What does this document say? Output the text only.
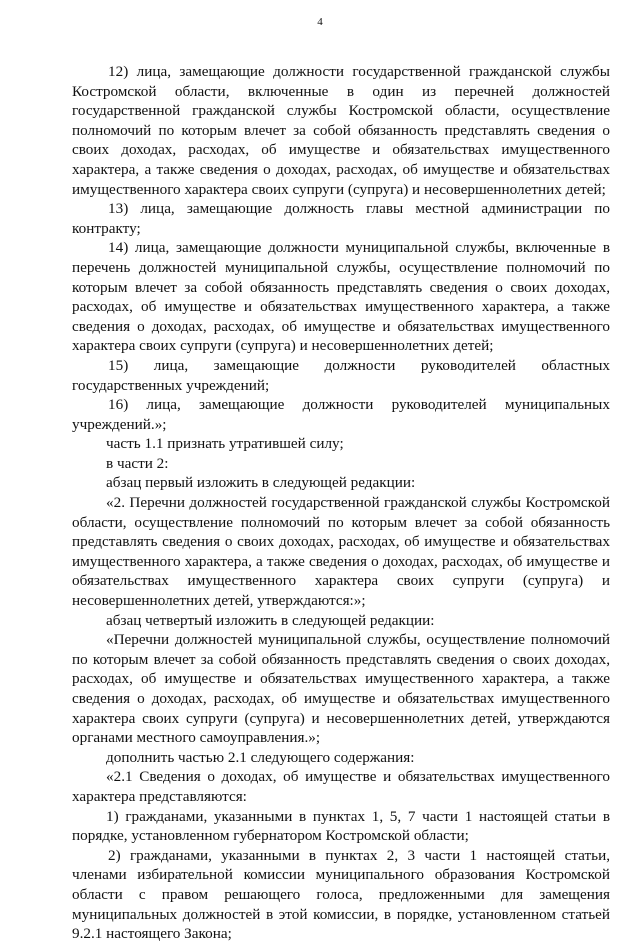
4

12) лица, замещающие должности государственной гражданской службы Костромской области, включенные в один из перечней должностей государственной гражданской службы Костромской области, осуществление полномочий по которым влечет за собой обязанность представлять сведения о своих доходах, расходах, об имуществе и обязательствах имущественного характера, а также сведения о доходах, расходах, об имуществе и обязательствах имущественного характера своих супруги (супруга) и несовершеннолетних детей;

13) лица, замещающие должность главы местной администрации по контракту;

14) лица, замещающие должности муниципальной службы, включенные в перечень должностей муниципальной службы, осуществление полномочий по которым влечет за собой обязанность представлять сведения о своих доходах, расходах, об имуществе и обязательствах имущественного характера, а также сведения о доходах, расходах, об имуществе и обязательствах имущественного характера своих супруги (супруга) и несовершеннолетних детей;

15) лица, замещающие должности руководителей областных государственных учреждений;

16) лица, замещающие должности руководителей муниципальных

учреждений.»;

часть 1.1 признать утратившей силу;

в части 2:

абзац первый изложить в следующей редакции:

«2. Перечни должностей государственной гражданской службы Костромской области, осуществление полномочий по которым влечет за собой обязанность представлять сведения о своих доходах, расходах, об имуществе и обязательствах имущественного характера, а также сведения о доходах, расходах, об имуществе и обязательствах имущественного характера своих супруги (супруга) и несовершеннолетних детей, утверждаются:»;

абзац четвертый изложить в следующей редакции:

«Перечни должностей муниципальной службы, осуществление полномочий по которым влечет за собой обязанность представлять сведения о своих доходах, расходах, об имуществе и обязательствах имущественного характера, а также сведения о доходах, расходах, об имуществе и обязательствах имущественного характера своих супруги (супруга) и несовершеннолетних детей, утверждаются органами местного самоуправления.»;

дополнить частью 2.1 следующего содержания:

«2.1 Сведения о доходах, об имуществе и обязательствах имущественного характера представляются:

1) гражданами, указанными в пунктах 1, 5, 7 части 1 настоящей статьи в порядке, установленном губернатором Костромской области;

2) гражданами, указанными в пунктах 2, 3 части 1 настоящей статьи, членами избирательной комиссии муниципального образования Костромской области с правом решающего голоса, предложенными для замещения муниципальных должностей в этой комиссии, в порядке, установленном статьей 9.2.1 настоящего Закона;
